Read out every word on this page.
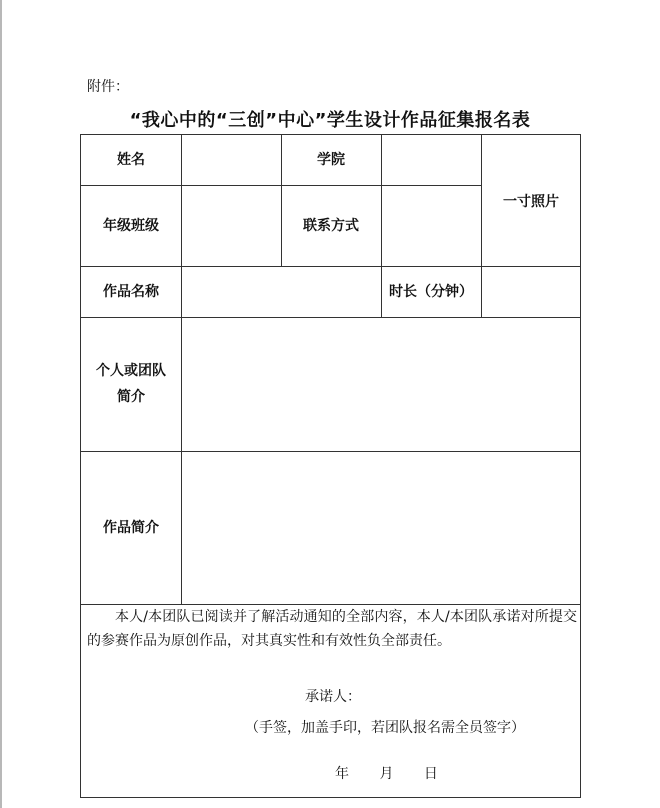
附件：
“我心中的“三创”中心”学生设计作品征集报名表
姓名	学院
一寸照片
年级班级	联系方式
作品名称	时长（分钟）
个人或团队
简介
作品简介
本人/本团队已阅读并了解活动通知的全部内容，本人/本团队承诺对所提交的参赛作品为原创作品，对其真实性和有效性负全部责任。
承诺人：
（手签，加盖手印，若团队报名需全员签字）
年 月 日
